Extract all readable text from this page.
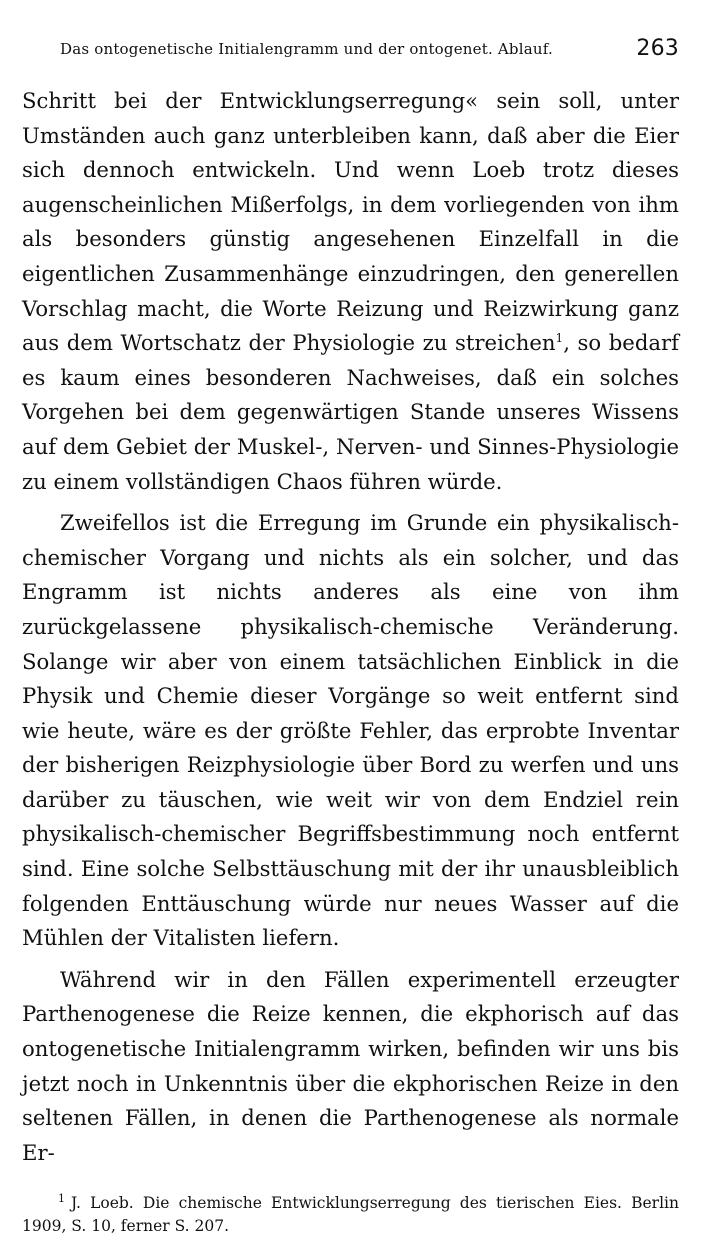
Das ontogenetische Initialengramm und der ontogenet. Ablauf.	263

Schritt bei der Entwicklungserregung« sein soll, unter Umständen auch ganz unterbleiben kann, daß aber die Eier sich dennoch entwickeln. Und wenn Loeb trotz dieses augenscheinlichen Mißerfolgs, in dem vorliegenden von ihm als besonders günstig angesehenen Einzelfall in die eigentlichen Zusammenhänge einzudringen, den generellen Vorschlag macht, die Worte Reizung und Reizwirkung ganz aus dem Wortschatz der Physiologie zu streichen$^1$, so bedarf es kaum eines besonderen Nachweises, daß ein solches Vorgehen bei dem gegenwärtigen Stande unseres Wissens auf dem Gebiet der Muskel-, Nerven- und Sinnes-Physiologie zu einem vollständigen Chaos führen würde.

Zweifellos ist die Erregung im Grunde ein physikalisch-chemischer Vorgang und nichts als ein solcher, und das Engramm ist nichts anderes als eine von ihm zurückgelassene physikalisch-chemische Veränderung. Solange wir aber von einem tatsächlichen Einblick in die Physik und Chemie dieser Vorgänge so weit entfernt sind wie heute, wäre es der größte Fehler, das erprobte Inventar der bisherigen Reizphysiologie über Bord zu werfen und uns darüber zu täuschen, wie weit wir von dem Endziel rein physikalisch-chemischer Begriffsbestimmung noch entfernt sind. Eine solche Selbsttäuschung mit der ihr unausbleiblich folgenden Enttäuschung würde nur neues Wasser auf die Mühlen der Vitalisten liefern.

Während wir in den Fällen experimentell erzeugter Parthenogenese die Reize kennen, die ekphorisch auf das ontogenetische Initialengramm wirken, befinden wir uns bis jetzt noch in Unkenntnis über die ekphorischen Reize in den seltenen Fällen, in denen die Parthenogenese als normale Er-

$^1$ J. Loeb. Die chemische Entwicklungserregung des tierischen Eies. Berlin 1909, S. 10, ferner S. 207.
